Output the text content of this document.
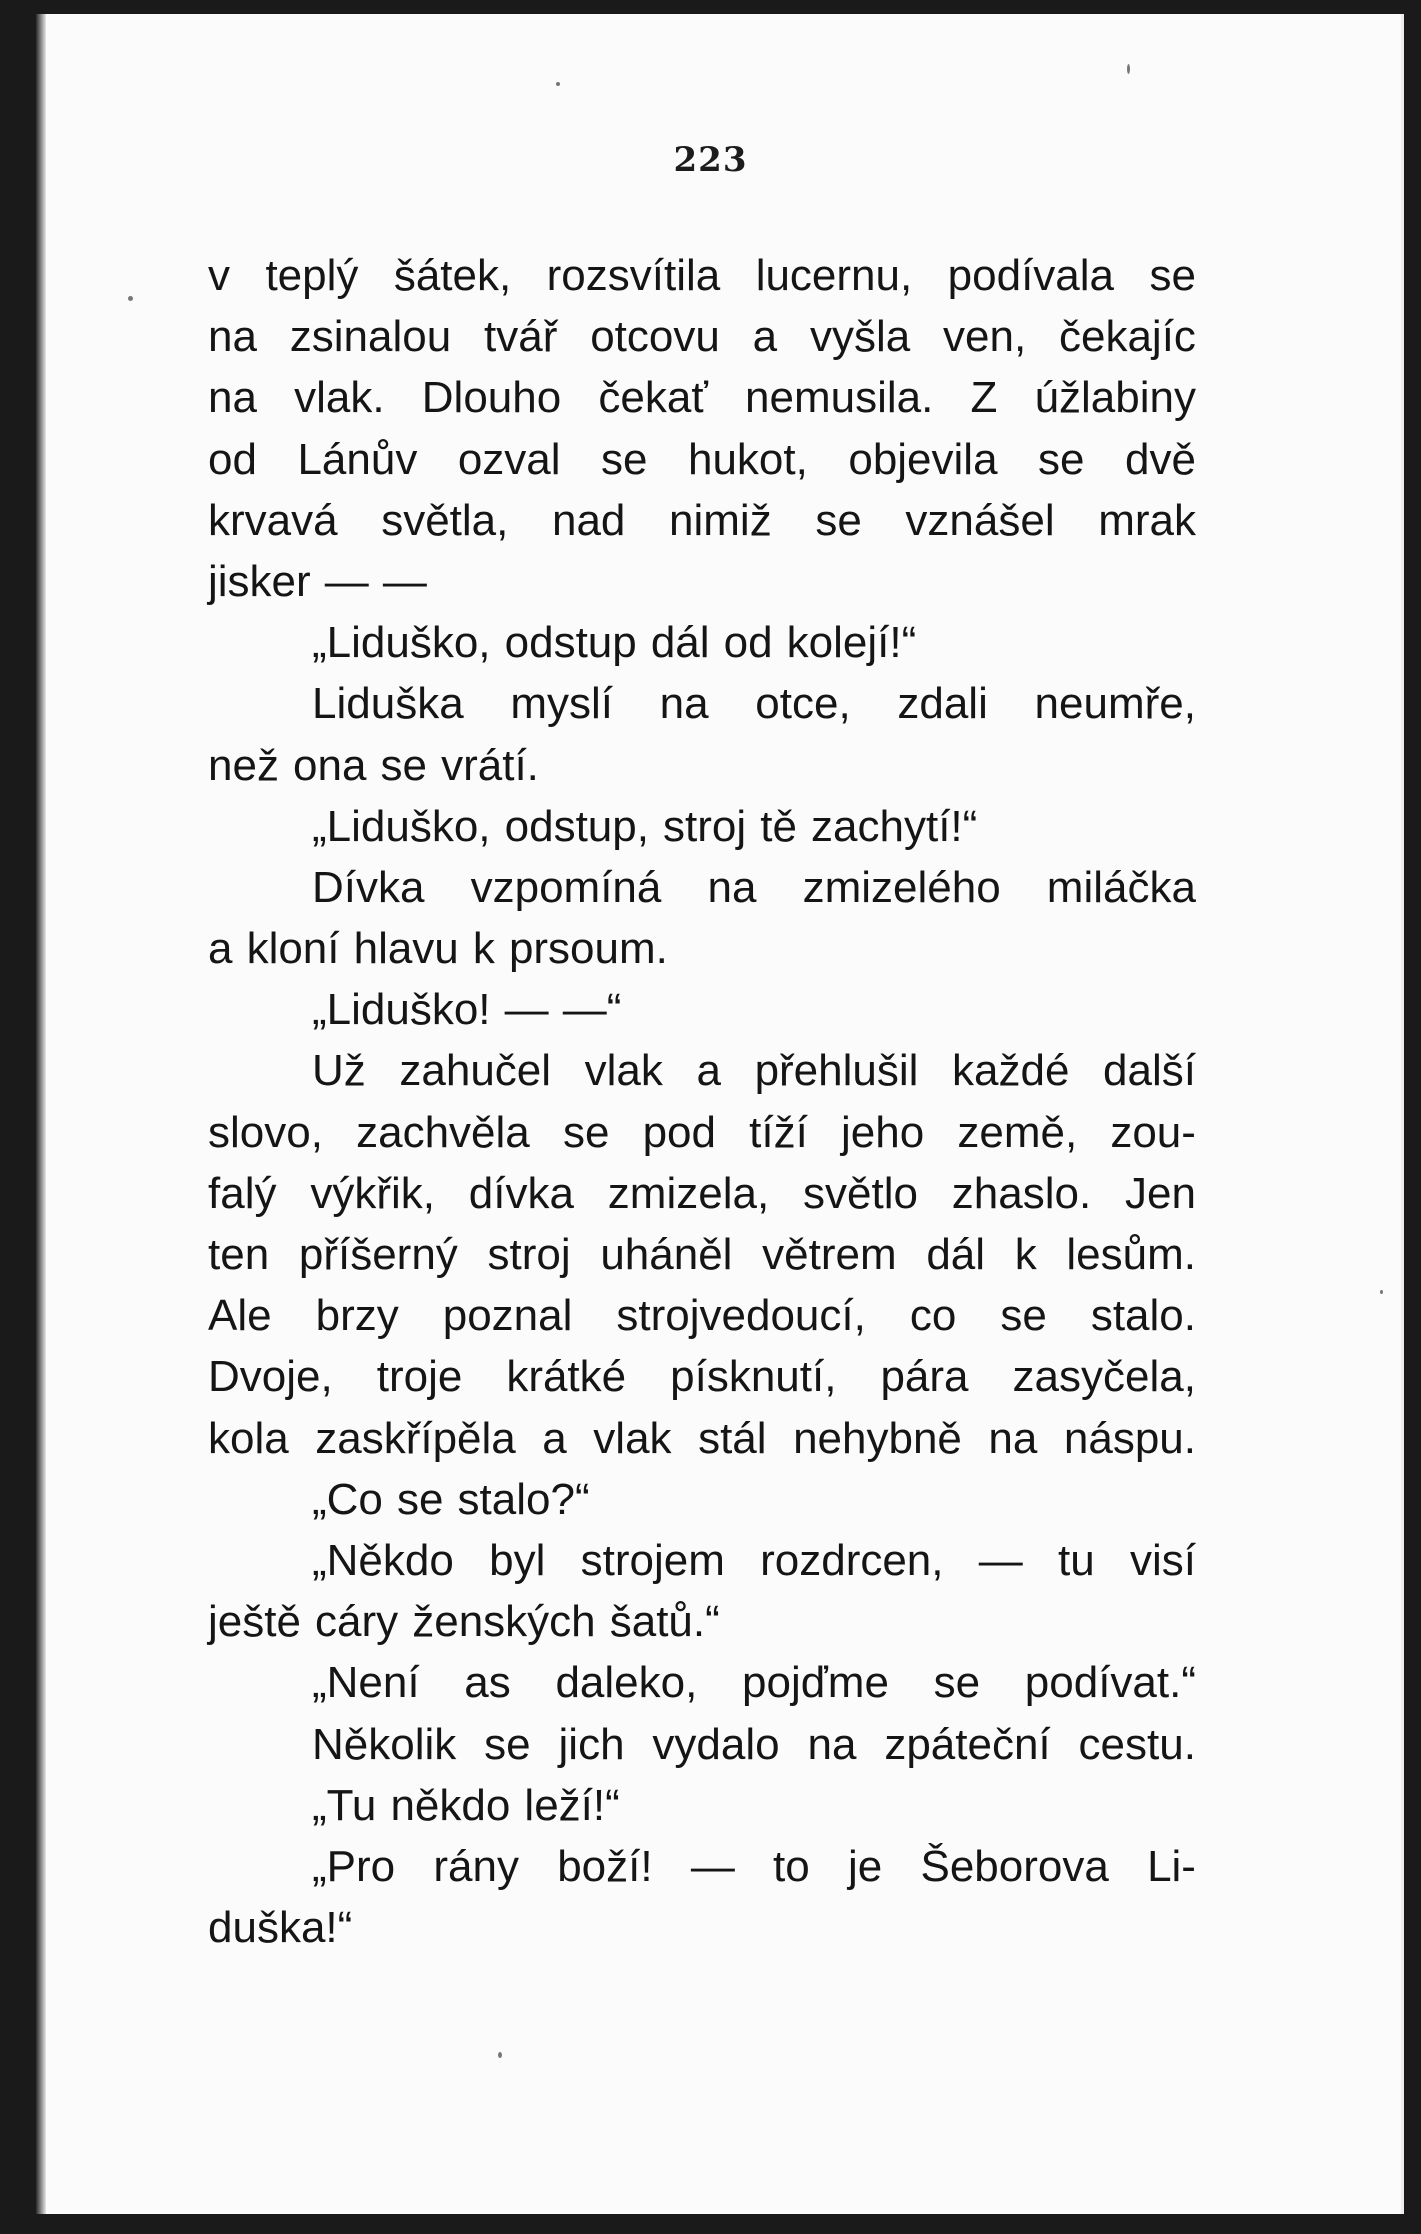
223
v teplý šátek, rozsvítila lucernu, podívala se
na zsinalou tvář otcovu a vyšla ven, čekajíc
na vlak. Dlouho čekať nemusila. Z úžlabiny
od Lánův ozval se hukot, objevila se dvě
krvavá světla, nad nimiž se vznášel mrak
jisker — —
„Liduško, odstup dál od kolejí!“
Liduška myslí na otce, zdali neumře,
než ona se vrátí.
„Liduško, odstup, stroj tě zachytí!“
Dívka vzpomíná na zmizelého miláčka
a kloní hlavu k prsoum.
„Liduško! — —“
Už zahučel vlak a přehlušil každé další
slovo, zachvěla se pod tíží jeho země, zou-
falý výkřik, dívka zmizela, světlo zhaslo. Jen
ten příšerný stroj uháněl větrem dál k lesům.
Ale brzy poznal strojvedoucí, co se stalo.
Dvoje, troje krátké písknutí, pára zasyčela,
kola zaskřípěla a vlak stál nehybně na náspu.
„Co se stalo?“
„Někdo byl strojem rozdrcen, — tu visí
ještě cáry ženských šatů.“
„Není as daleko, pojďme se podívat.“
Několik se jich vydalo na zpáteční cestu.
„Tu někdo leží!“
„Pro rány boží! — to je Šeborova Li-
duška!“
